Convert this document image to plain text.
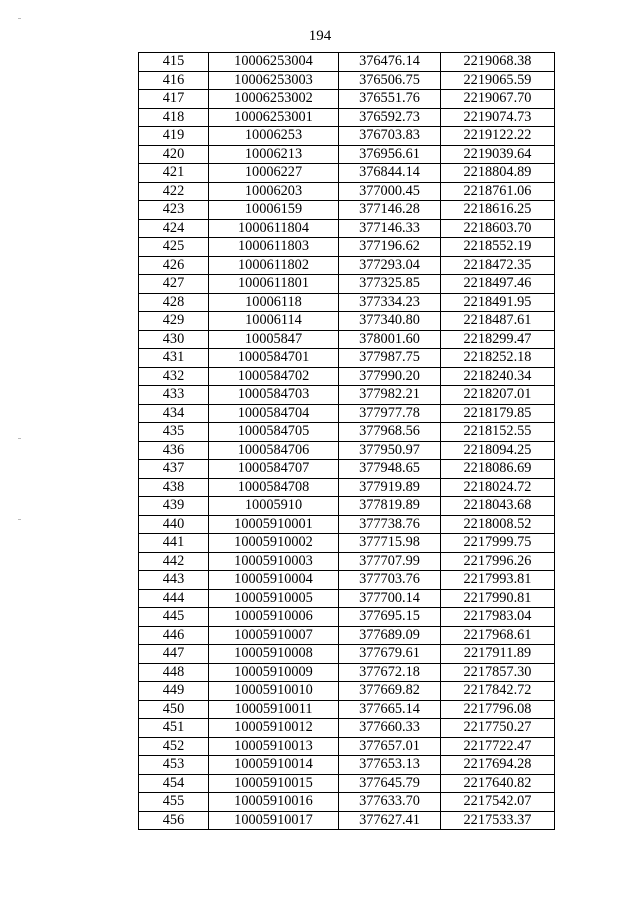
194
415	10006253004	376476.14	2219068.38
416	10006253003	376506.75	2219065.59
417	10006253002	376551.76	2219067.70
418	10006253001	376592.73	2219074.73
419	10006253	376703.83	2219122.22
420	10006213	376956.61	2219039.64
421	10006227	376844.14	2218804.89
422	10006203	377000.45	2218761.06
423	10006159	377146.28	2218616.25
424	1000611804	377146.33	2218603.70
425	1000611803	377196.62	2218552.19
426	1000611802	377293.04	2218472.35
427	1000611801	377325.85	2218497.46
428	10006118	377334.23	2218491.95
429	10006114	377340.80	2218487.61
430	10005847	378001.60	2218299.47
431	1000584701	377987.75	2218252.18
432	1000584702	377990.20	2218240.34
433	1000584703	377982.21	2218207.01
434	1000584704	377977.78	2218179.85
435	1000584705	377968.56	2218152.55
436	1000584706	377950.97	2218094.25
437	1000584707	377948.65	2218086.69
438	1000584708	377919.89	2218024.72
439	10005910	377819.89	2218043.68
440	10005910001	377738.76	2218008.52
441	10005910002	377715.98	2217999.75
442	10005910003	377707.99	2217996.26
443	10005910004	377703.76	2217993.81
444	10005910005	377700.14	2217990.81
445	10005910006	377695.15	2217983.04
446	10005910007	377689.09	2217968.61
447	10005910008	377679.61	2217911.89
448	10005910009	377672.18	2217857.30
449	10005910010	377669.82	2217842.72
450	10005910011	377665.14	2217796.08
451	10005910012	377660.33	2217750.27
452	10005910013	377657.01	2217722.47
453	10005910014	377653.13	2217694.28
454	10005910015	377645.79	2217640.82
455	10005910016	377633.70	2217542.07
456	10005910017	377627.41	2217533.37
